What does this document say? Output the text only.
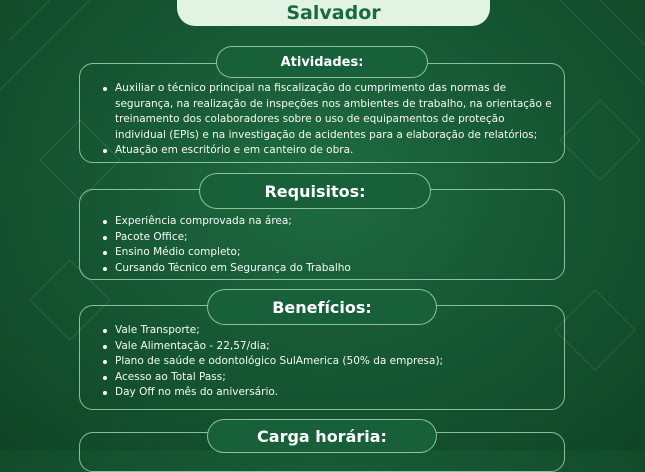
Salvador
Auxiliar o técnico principal na fiscalização do cumprimento das normas de segurança, na realização de inspeções nos ambientes de trabalho, na orientação e treinamento dos colaboradores sobre o uso de equipamentos de proteção individual (EPIs) e na investigação de acidentes para a elaboração de relatórios;
Atuação em escritório e em canteiro de obra.
Atividades:
Experiência comprovada na área;
Pacote Office;
Ensino Médio completo;
Cursando Técnico em Segurança do Trabalho
Requisitos:
Vale Transporte;
Vale Alimentação - 22,57/dia;
Plano de saúde e odontológico SulAmerica (50% da empresa);
Acesso ao Total Pass;
Day Off no mês do aniversário.
Benefícios:
Carga horária:
